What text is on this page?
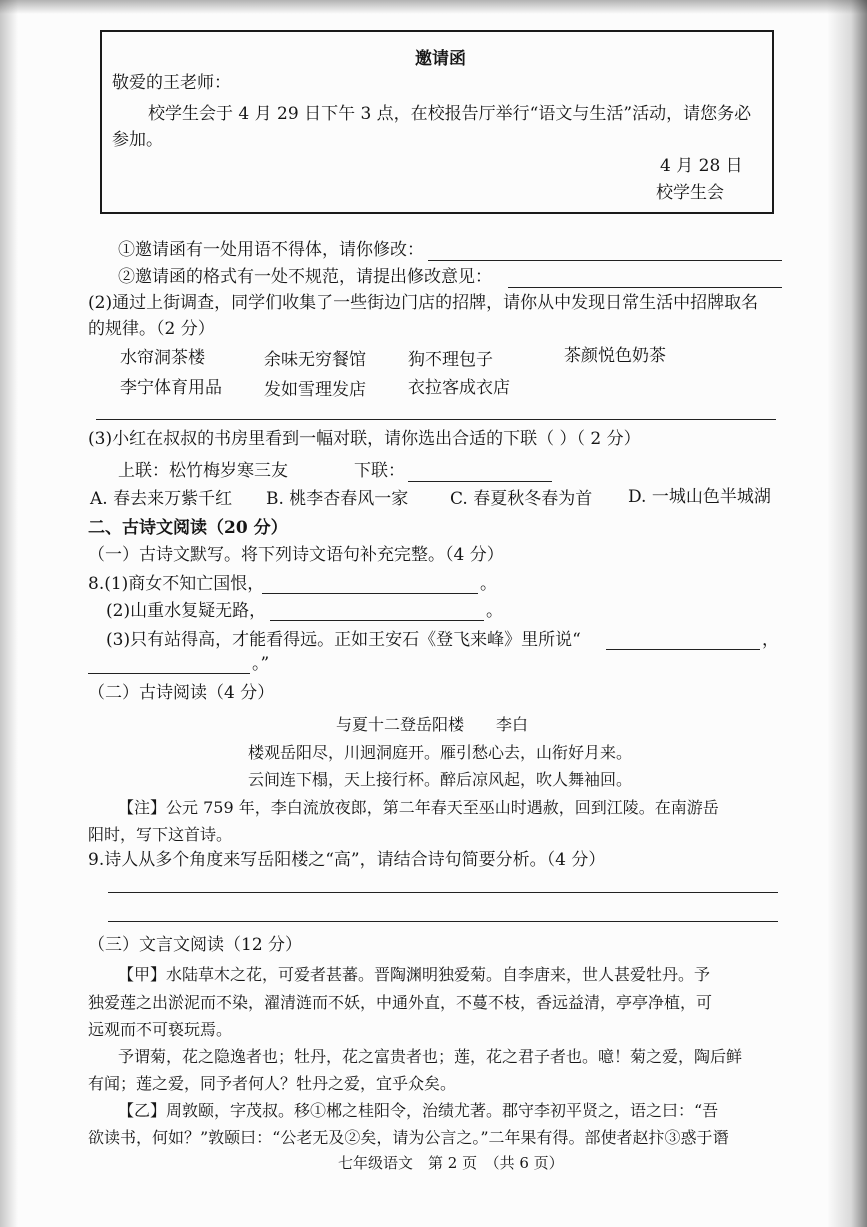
邀请函
敬爱的王老师：
校学生会于 4 月 29 日下午 3 点，在校报告厅举行“语文与生活”活动，请您务必
参加。
4 月 28 日
校学生会
①邀请函有一处用语不得体，请你修改：
②邀请函的格式有一处不规范，请提出修改意见：
(2)通过上街调查，同学们收集了一些街边门店的招牌，请你从中发现日常生活中招牌取名
的规律。（2 分）
水帘洞茶楼	余味无穷餐馆 狗不理包子	茶颜悦色奶茶
李宁体育用品 发如雪理发店 衣拉客成衣店
(3)小红在叔叔的书房里看到一幅对联，请你选出合适的下联（ ）（ 2 分）
上联：松竹梅岁寒三友	下联：
A. 春去来万紫千红 B. 桃李杏春风一家 C. 春夏秋冬春为首 D. 一城山色半城湖
二、古诗文阅读（20 分）
（一）古诗文默写。将下列诗文语句补充完整。（4 分）
8.(1)商女不知亡国恨，	。
(2)山重水复疑无路，	。
(3)只有站得高，才能看得远。正如王安石《登飞来峰》里所说“	，
。”
（二）古诗阅读（4 分）
与夏十二登岳阳楼　　李白
楼观岳阳尽，川迥洞庭开。雁引愁心去，山衔好月来。
云间连下榻，天上接行杯。醉后凉风起，吹人舞袖回。
【注】公元 759 年，李白流放夜郎，第二年春天至巫山时遇赦，回到江陵。在南游岳
阳时，写下这首诗。
9.诗人从多个角度来写岳阳楼之“高”，请结合诗句简要分析。（4 分）
（三）文言文阅读（12 分）
【甲】水陆草木之花，可爱者甚蕃。晋陶渊明独爱菊。自李唐来，世人甚爱牡丹。予
独爱莲之出淤泥而不染，濯清涟而不妖，中通外直，不蔓不枝，香远益清，亭亭净植，可
远观而不可亵玩焉。
予谓菊，花之隐逸者也；牡丹，花之富贵者也；莲，花之君子者也。噫！菊之爱，陶后鲜
有闻；莲之爱，同予者何人？牡丹之爱，宜乎众矣。
【乙】周敦颐，字茂叔。移①郴之桂阳令，治绩尤著。郡守李初平贤之，语之曰：“吾
欲读书，何如？”敦颐曰：“公老无及②矣，请为公言之。”二年果有得。部使者赵抃③惑于谮
七年级语文　第 2 页　（共 6 页）
